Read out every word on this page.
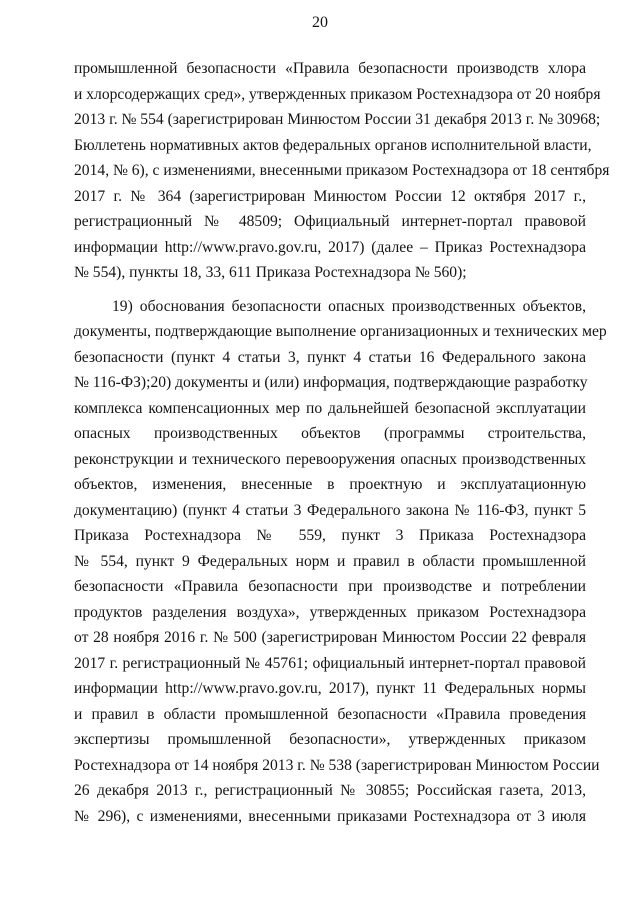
20
промышленной безопасности «Правила безопасности производств хлора
и хлорсодержащих сред», утвержденных приказом Ростехнадзора от 20 ноября
2013 г. № 554 (зарегистрирован Минюстом России 31 декабря 2013 г. № 30968;
Бюллетень нормативных актов федеральных органов исполнительной власти,
2014, № 6), с изменениями, внесенными приказом Ростехнадзора от 18 сентября
2017 г. № 364 (зарегистрирован Минюстом России 12 октября 2017 г.,
регистрационный № 48509; Официальный интернет-портал правовой
информации http://www.pravo.gov.ru, 2017) (далее – Приказ Ростехнадзора
№ 554), пункты 18, 33, 611 Приказа Ростехнадзора № 560);
19) обоснования безопасности опасных производственных объектов,
документы, подтверждающие выполнение организационных и технических мер
безопасности (пункт 4 статьи 3, пункт 4 статьи 16 Федерального закона
№ 116-ФЗ);20) документы и (или) информация, подтверждающие разработку
комплекса компенсационных мер по дальнейшей безопасной эксплуатации
опасных производственных объектов (программы строительства,
реконструкции и технического перевооружения опасных производственных
объектов, изменения, внесенные в проектную и эксплуатационную
документацию) (пункт 4 статьи 3 Федерального закона № 116-ФЗ, пункт 5
Приказа Ростехнадзора № 559, пункт 3 Приказа Ростехнадзора
№ 554, пункт 9 Федеральных норм и правил в области промышленной
безопасности «Правила безопасности при производстве и потреблении
продуктов разделения воздуха», утвержденных приказом Ростехнадзора
от 28 ноября 2016 г. № 500 (зарегистрирован Минюстом России 22 февраля
2017 г. регистрационный № 45761; официальный интернет-портал правовой
информации http://www.pravo.gov.ru, 2017), пункт 11 Федеральных нормы
и правил в области промышленной безопасности «Правила проведения
экспертизы промышленной безопасности», утвержденных приказом
Ростехнадзора от 14 ноября 2013 г. № 538 (зарегистрирован Минюстом России
26 декабря 2013 г., регистрационный № 30855; Российская газета, 2013,
№ 296), с изменениями, внесенными приказами Ростехнадзора от 3 июля
